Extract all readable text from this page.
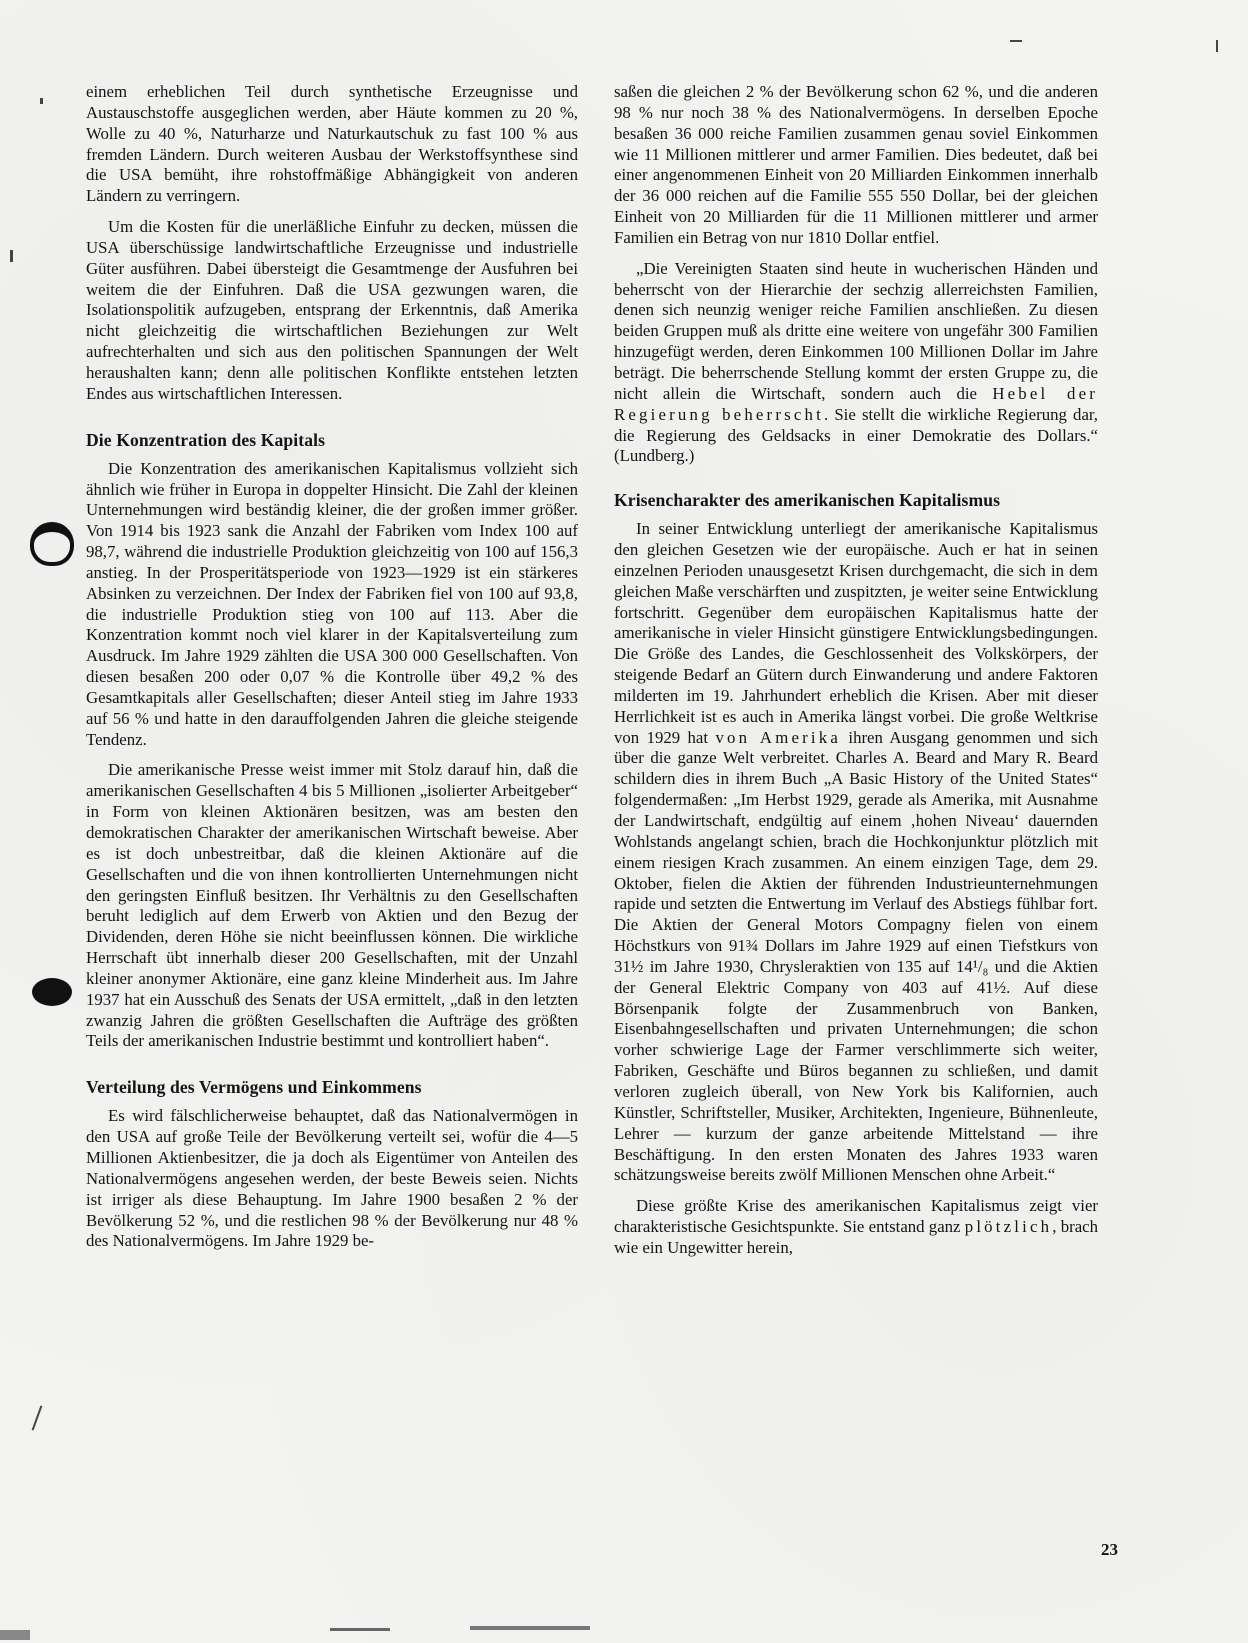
einem erheblichen Teil durch synthetische Erzeugnisse und Austauschstoffe ausgeglichen werden, aber Häute kommen zu 20 %, Wolle zu 40 %, Naturharze und Naturkautschuk zu fast 100 % aus fremden Ländern. Durch weiteren Ausbau der Werkstoffsynthese sind die USA bemüht, ihre rohstoffmäßige Abhängigkeit von anderen Ländern zu verringern.

Um die Kosten für die unerläßliche Einfuhr zu decken, müssen die USA überschüssige landwirtschaftliche Erzeugnisse und industrielle Güter ausführen. Dabei übersteigt die Gesamtmenge der Ausfuhren bei weitem die der Einfuhren. Daß die USA gezwungen waren, die Isolationspolitik aufzugeben, entsprang der Erkenntnis, daß Amerika nicht gleichzeitig die wirtschaftlichen Beziehungen zur Welt aufrechterhalten und sich aus den politischen Spannungen der Welt heraushalten kann; denn alle politischen Konflikte entstehen letzten Endes aus wirtschaftlichen Interessen.

Die Konzentration des Kapitals

Die Konzentration des amerikanischen Kapitalismus vollzieht sich ähnlich wie früher in Europa in doppelter Hinsicht. Die Zahl der kleinen Unternehmungen wird beständig kleiner, die der großen immer größer. Von 1914 bis 1923 sank die Anzahl der Fabriken vom Index 100 auf 98,7, während die industrielle Produktion gleichzeitig von 100 auf 156,3 anstieg. In der Prosperitätsperiode von 1923—1929 ist ein stärkeres Absinken zu verzeichnen. Der Index der Fabriken fiel von 100 auf 93,8, die industrielle Produktion stieg von 100 auf 113. Aber die Konzentration kommt noch viel klarer in der Kapitalsverteilung zum Ausdruck. Im Jahre 1929 zählten die USA 300 000 Gesellschaften. Von diesen besaßen 200 oder 0,07 % die Kontrolle über 49,2 % des Gesamtkapitals aller Gesellschaften; dieser Anteil stieg im Jahre 1933 auf 56 % und hatte in den darauffolgenden Jahren die gleiche steigende Tendenz.

Die amerikanische Presse weist immer mit Stolz darauf hin, daß die amerikanischen Gesellschaften 4 bis 5 Millionen „isolierter Arbeitgeber“ in Form von kleinen Aktionären besitzen, was am besten den demokratischen Charakter der amerikanischen Wirtschaft beweise. Aber es ist doch unbestreitbar, daß die kleinen Aktionäre auf die Gesellschaften und die von ihnen kontrollierten Unternehmungen nicht den geringsten Einfluß besitzen. Ihr Verhältnis zu den Gesellschaften beruht lediglich auf dem Erwerb von Aktien und den Bezug der Dividenden, deren Höhe sie nicht beeinflussen können. Die wirkliche Herrschaft übt innerhalb dieser 200 Gesellschaften, mit der Unzahl kleiner anonymer Aktionäre, eine ganz kleine Minderheit aus. Im Jahre 1937 hat ein Ausschuß des Senats der USA ermittelt, „daß in den letzten zwanzig Jahren die größten Gesellschaften die Aufträge des größten Teils der amerikanischen Industrie bestimmt und kontrolliert haben“.

Verteilung des Vermögens und Einkommens

Es wird fälschlicherweise behauptet, daß das Nationalvermögen in den USA auf große Teile der Bevölkerung verteilt sei, wofür die 4—5 Millionen Aktienbesitzer, die ja doch als Eigentümer von Anteilen des Nationalvermögens angesehen werden, der beste Beweis seien. Nichts ist irriger als diese Behauptung. Im Jahre 1900 besaßen 2 % der Bevölkerung 52 %, und die restlichen 98 % der Bevölkerung nur 48 % des Nationalvermögens. Im Jahre 1929 be-

saßen die gleichen 2 % der Bevölkerung schon 62 %, und die anderen 98 % nur noch 38 % des Nationalvermögens. In derselben Epoche besaßen 36 000 reiche Familien zusammen genau soviel Einkommen wie 11 Millionen mittlerer und armer Familien. Dies bedeutet, daß bei einer angenommenen Einheit von 20 Milliarden Einkommen innerhalb der 36 000 reichen auf die Familie 555 550 Dollar, bei der gleichen Einheit von 20 Milliarden für die 11 Millionen mittlerer und armer Familien ein Betrag von nur 1810 Dollar entfiel.

„Die Vereinigten Staaten sind heute in wucherischen Händen und beherrscht von der Hierarchie der sechzig allerreichsten Familien, denen sich neunzig weniger reiche Familien anschließen. Zu diesen beiden Gruppen muß als dritte eine weitere von ungefähr 300 Familien hinzugefügt werden, deren Einkommen 100 Millionen Dollar im Jahre beträgt. Die beherrschende Stellung kommt der ersten Gruppe zu, die nicht allein die Wirtschaft, sondern auch die Hebel der Regierung beherrscht. Sie stellt die wirkliche Regierung dar, die Regierung des Geldsacks in einer Demokratie des Dollars.“ (Lundberg.)

Krisencharakter des amerikanischen Kapitalismus

In seiner Entwicklung unterliegt der amerikanische Kapitalismus den gleichen Gesetzen wie der europäische. Auch er hat in seinen einzelnen Perioden unausgesetzt Krisen durchgemacht, die sich in dem gleichen Maße verschärften und zuspitzten, je weiter seine Entwicklung fortschritt. Gegenüber dem europäischen Kapitalismus hatte der amerikanische in vieler Hinsicht günstigere Entwicklungsbedingungen. Die Größe des Landes, die Geschlossenheit des Volkskörpers, der steigende Bedarf an Gütern durch Einwanderung und andere Faktoren milderten im 19. Jahrhundert erheblich die Krisen. Aber mit dieser Herrlichkeit ist es auch in Amerika längst vorbei. Die große Weltkrise von 1929 hat von Amerika ihren Ausgang genommen und sich über die ganze Welt verbreitet. Charles A. Beard and Mary R. Beard schildern dies in ihrem Buch „A Basic History of the United States“ folgendermaßen: „Im Herbst 1929, gerade als Amerika, mit Ausnahme der Landwirtschaft, endgültig auf einem ‚hohen Niveau‘ dauernden Wohlstands angelangt schien, brach die Hochkonjunktur plötzlich mit einem riesigen Krach zusammen. An einem einzigen Tage, dem 29. Oktober, fielen die Aktien der führenden Industrieunternehmungen rapide und setzten die Entwertung im Verlauf des Abstiegs fühlbar fort. Die Aktien der General Motors Compagny fielen von einem Höchstkurs von 91¾ Dollars im Jahre 1929 auf einen Tiefstkurs von 31½ im Jahre 1930, Chrysleraktien von 135 auf 14¹/₈ und die Aktien der General Elektric Company von 403 auf 41½. Auf diese Börsenpanik folgte der Zusammenbruch von Banken, Eisenbahngesellschaften und privaten Unternehmungen; die schon vorher schwierige Lage der Farmer verschlimmerte sich weiter, Fabriken, Geschäfte und Büros begannen zu schließen, und damit verloren zugleich überall, von New York bis Kalifornien, auch Künstler, Schriftsteller, Musiker, Architekten, Ingenieure, Bühnenleute, Lehrer — kurzum der ganze arbeitende Mittelstand — ihre Beschäftigung. In den ersten Monaten des Jahres 1933 waren schätzungsweise bereits zwölf Millionen Menschen ohne Arbeit.“

Diese größte Krise des amerikanischen Kapitalismus zeigt vier charakteristische Gesichtspunkte. Sie entstand ganz plötzlich, brach wie ein Ungewitter herein,

23
